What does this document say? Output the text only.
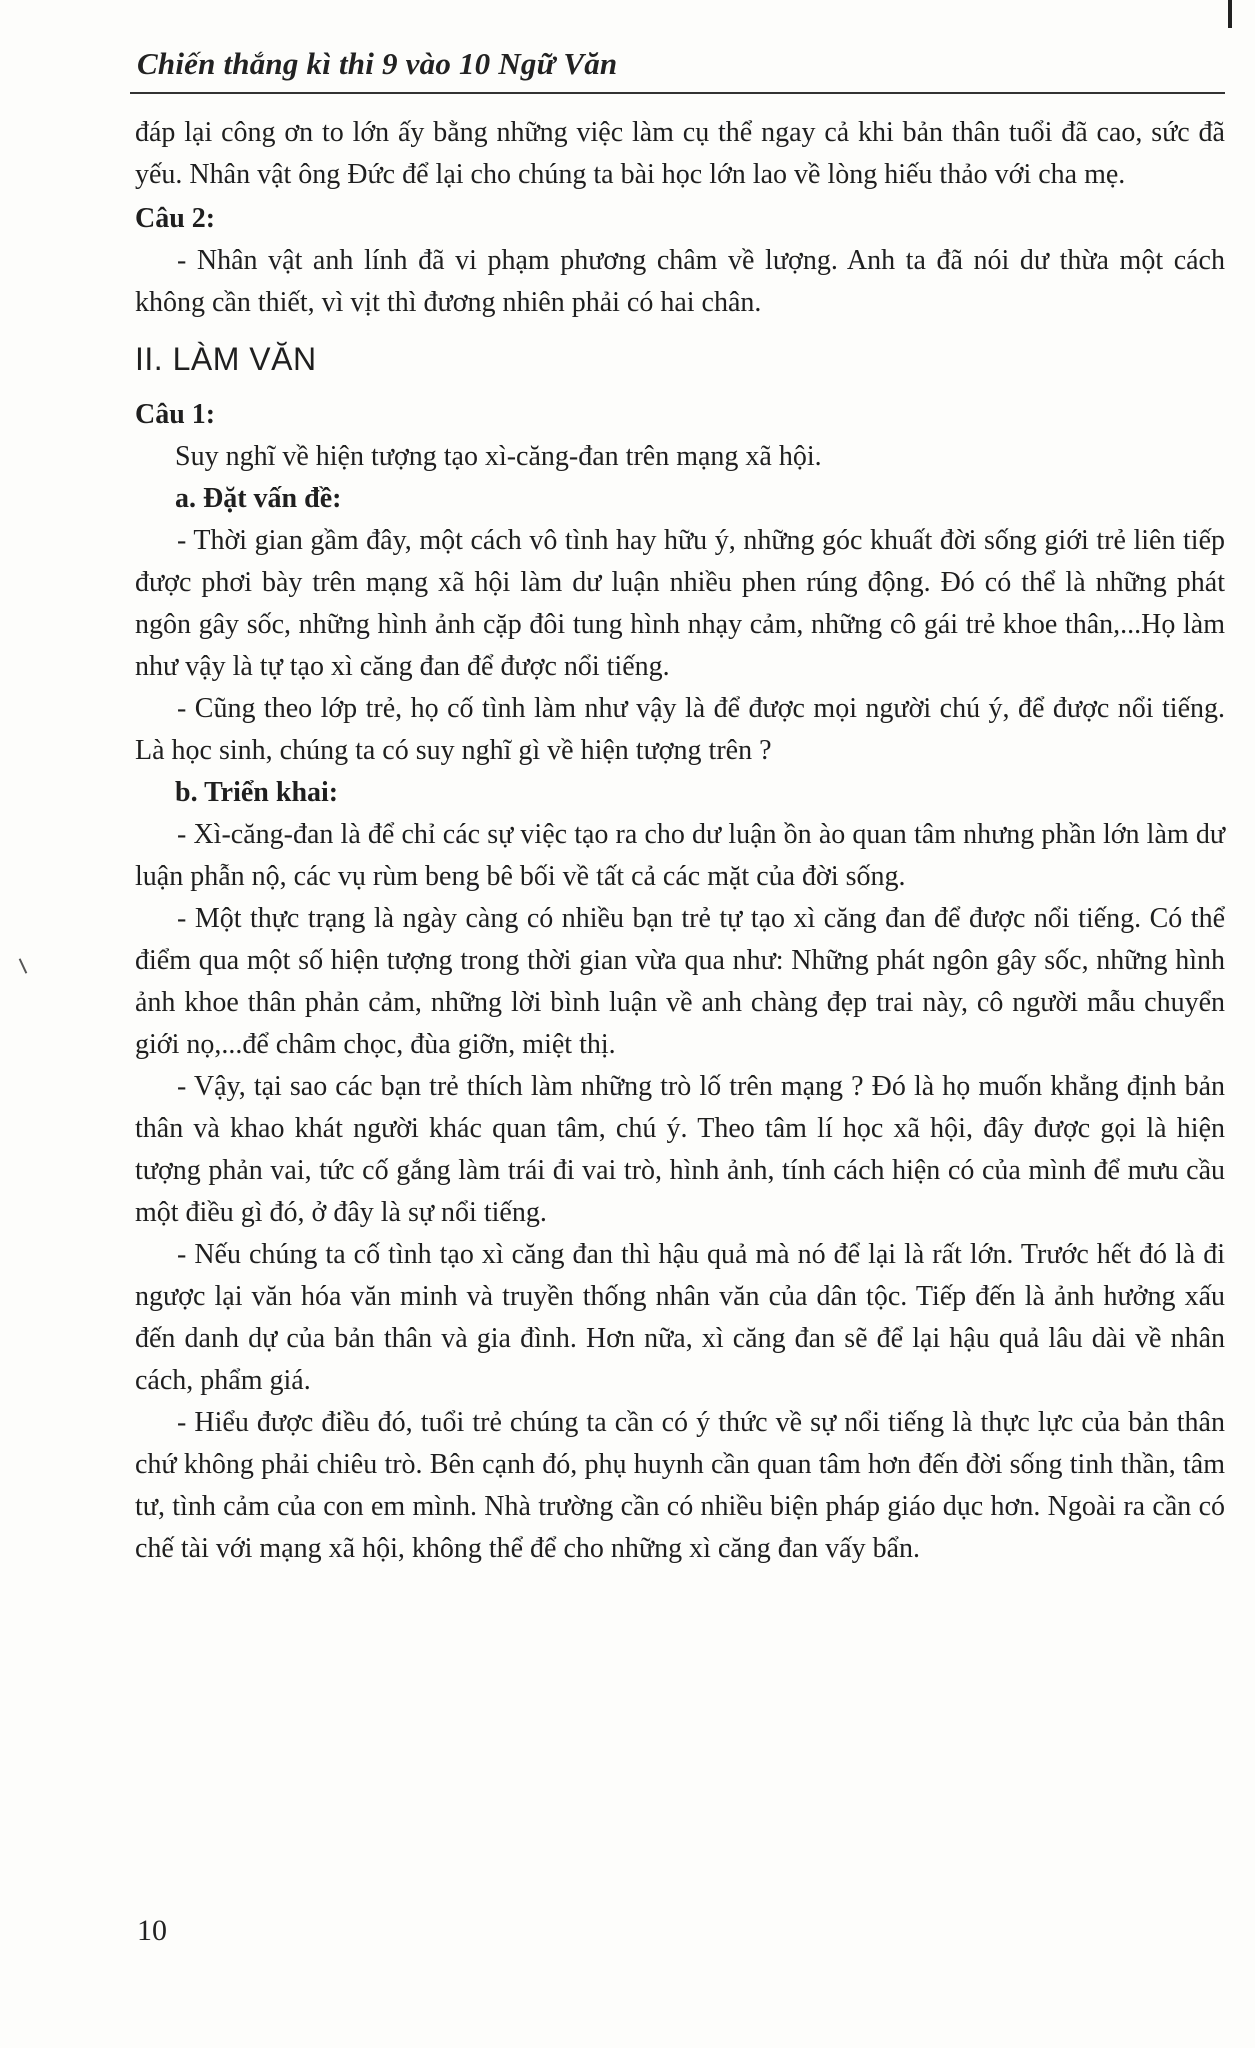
Chiến thắng kì thi 9 vào 10 Ngữ Văn

đáp lại công ơn to lớn ấy bằng những việc làm cụ thể ngay cả khi bản thân tuổi đã cao, sức đã yếu. Nhân vật ông Đức để lại cho chúng ta bài học lớn lao về lòng hiếu thảo với cha mẹ.

Câu 2:

- Nhân vật anh lính đã vi phạm phương châm về lượng. Anh ta đã nói dư thừa một cách không cần thiết, vì vịt thì đương nhiên phải có hai chân.

II. LÀM VĂN

Câu 1:

Suy nghĩ về hiện tượng tạo xì-căng-đan trên mạng xã hội.

a. Đặt vấn đề:

- Thời gian gầm đây, một cách vô tình hay hữu ý, những góc khuất đời sống giới trẻ liên tiếp được phơi bày trên mạng xã hội làm dư luận nhiều phen rúng động. Đó có thể là những phát ngôn gây sốc, những hình ảnh cặp đôi tung hình nhạy cảm, những cô gái trẻ khoe thân,...Họ làm như vậy là tự tạo xì căng đan để được nổi tiếng.

- Cũng theo lớp trẻ, họ cố tình làm như vậy là để được mọi người chú ý, để được nổi tiếng. Là học sinh, chúng ta có suy nghĩ gì về hiện tượng trên ?

b. Triển khai:

- Xì-căng-đan là để chỉ các sự việc tạo ra cho dư luận ồn ào quan tâm nhưng phần lớn làm dư luận phẫn nộ, các vụ rùm beng bê bối về tất cả các mặt của đời sống.

- Một thực trạng là ngày càng có nhiều bạn trẻ tự tạo xì căng đan để được nổi tiếng. Có thể điểm qua một số hiện tượng trong thời gian vừa qua như: Những phát ngôn gây sốc, những hình ảnh khoe thân phản cảm, những lời bình luận về anh chàng đẹp trai này, cô người mẫu chuyển giới nọ,...để châm chọc, đùa giỡn, miệt thị.

- Vậy, tại sao các bạn trẻ thích làm những trò lố trên mạng ? Đó là họ muốn khẳng định bản thân và khao khát người khác quan tâm, chú ý. Theo tâm lí học xã hội, đây được gọi là hiện tượng phản vai, tức cố gắng làm trái đi vai trò, hình ảnh, tính cách hiện có của mình để mưu cầu một điều gì đó, ở đây là sự nổi tiếng.

- Nếu chúng ta cố tình tạo xì căng đan thì hậu quả mà nó để lại là rất lớn. Trước hết đó là đi ngược lại văn hóa văn minh và truyền thống nhân văn của dân tộc. Tiếp đến là ảnh hưởng xấu đến danh dự của bản thân và gia đình. Hơn nữa, xì căng đan sẽ để lại hậu quả lâu dài về nhân cách, phẩm giá.

- Hiểu được điều đó, tuổi trẻ chúng ta cần có ý thức về sự nổi tiếng là thực lực của bản thân chứ không phải chiêu trò. Bên cạnh đó, phụ huynh cần quan tâm hơn đến đời sống tinh thần, tâm tư, tình cảm của con em mình. Nhà trường cần có nhiều biện pháp giáo dục hơn. Ngoài ra cần có chế tài với mạng xã hội, không thể để cho những xì căng đan vấy bẩn.

10
